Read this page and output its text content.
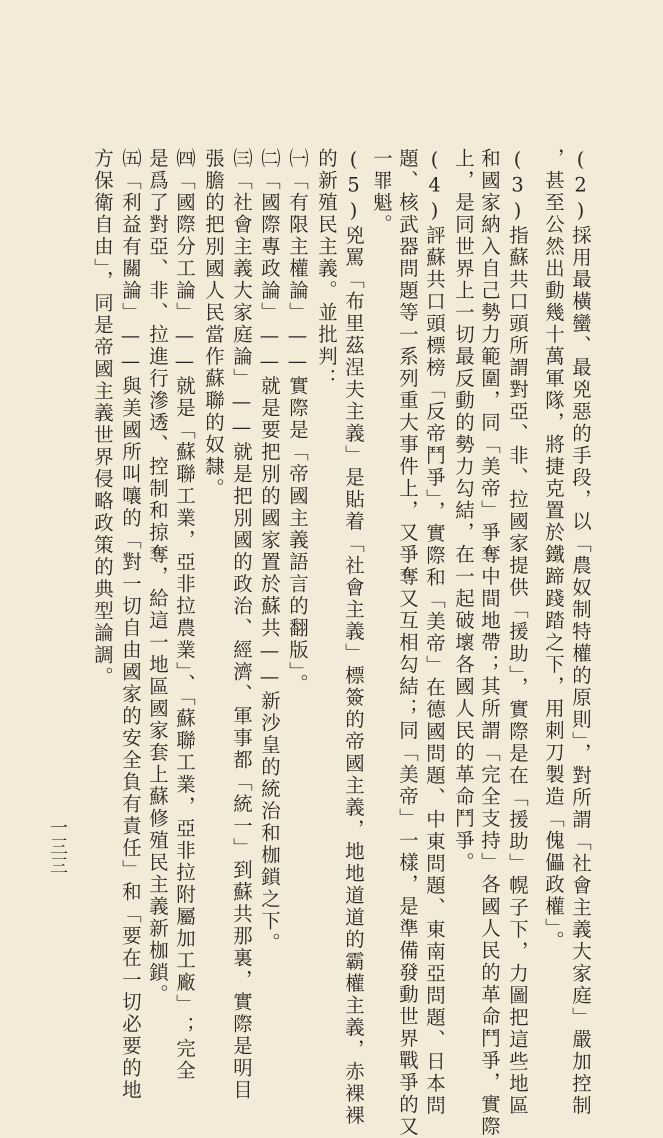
(2)採用最橫蠻、最兇惡的手段，以「農奴制特權的原則」，對所謂「社會主義大家庭」嚴加控制
，甚至公然出動幾十萬軍隊，將捷克置於鐵蹄踐踏之下，用刺刀製造「傀儡政權」。
(3)指蘇共口頭所謂對亞、非、拉國家提供「援助」，實際是在「援助」幌子下，力圖把這些地區
和國家納入自己勢力範圍，同「美帝」爭奪中間地帶；其所謂「完全支持」各國人民的革命鬥爭，實際
上，是同世界上一切最反動的勢力勾結，在一起破壞各國人民的革命鬥爭。
(4)評蘇共口頭標榜「反帝鬥爭」，實際和「美帝」在德國問題、中東問題、東南亞問題、日本問
題、核武器問題等一系列重大事件上，又爭奪又互相勾結；同「美帝」一樣，是準備發動世界戰爭的又
一罪魁。
(5)兇罵「布里茲涅夫主義」是貼着「社會主義」標簽的帝國主義，地地道道的霸權主義，赤裸裸
的新殖民主義。並批判：
㈠「有限主權論」——實際是「帝國主義語言的翻版」。
㈡「國際專政論」——就是要把別的國家置於蘇共——新沙皇的統治和枷鎖之下。
㈢「社會主義大家庭論」——就是把別國的政治、經濟、軍事都「統一」到蘇共那裏，實際是明目
張膽的把別國人民當作蘇聯的奴隸。
㈣「國際分工論」——就是「蘇聯工業，亞非拉農業」、「蘇聯工業，亞非拉附屬加工廠」；完全
是爲了對亞、非、拉進行滲透、控制和掠奪，給這一地區國家套上蘇修殖民主義新枷鎖。
㈤「利益有關論」——與美國所叫嚷的「對一切自由國家的安全負有責任」和「要在一切必要的地
方保衛自由」，同是帝國主義世界侵略政策的典型論調。
一三三
